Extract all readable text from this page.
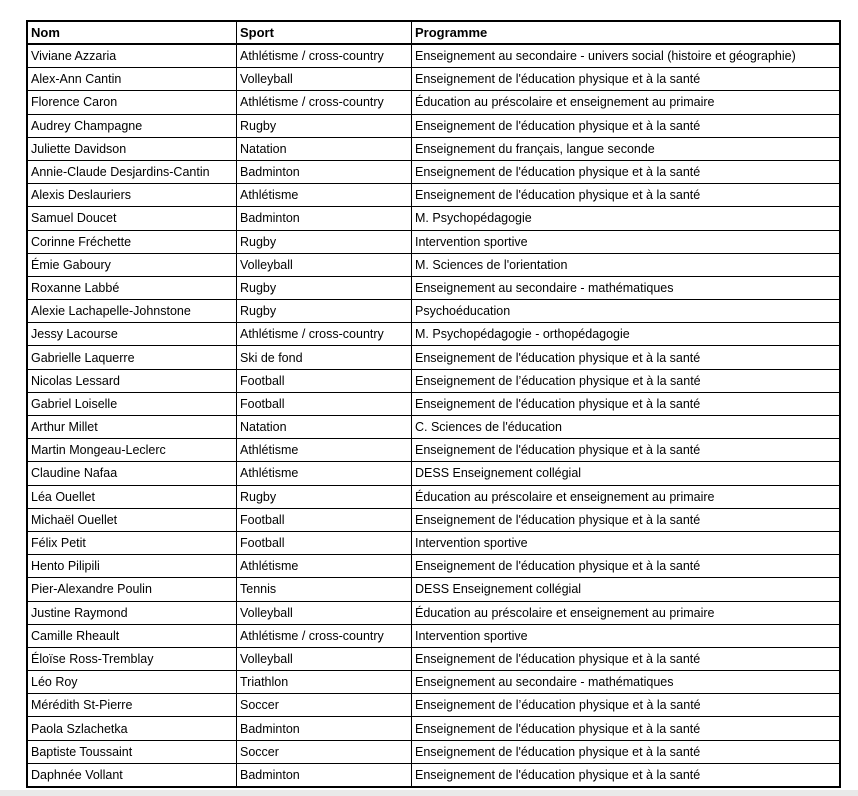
Nom	Sport	Programme
Viviane Azzaria	Athlétisme / cross-country	Enseignement au secondaire - univers social (histoire et géographie)
Alex-Ann Cantin	Volleyball	Enseignement de l'éducation physique et à la santé
Florence Caron	Athlétisme / cross-country	Éducation au préscolaire et enseignement au primaire
Audrey Champagne	Rugby	Enseignement de l'éducation physique et à la santé
Juliette Davidson	Natation	Enseignement du français, langue seconde
Annie-Claude Desjardins-Cantin	Badminton	Enseignement de l'éducation physique et à la santé
Alexis Deslauriers	Athlétisme	Enseignement de l'éducation physique et à la santé
Samuel Doucet	Badminton	M. Psychopédagogie
Corinne Fréchette	Rugby	Intervention sportive
Émie Gaboury	Volleyball	M. Sciences de l'orientation
Roxanne Labbé	Rugby	Enseignement au secondaire - mathématiques
Alexie Lachapelle-Johnstone	Rugby	Psychoéducation
Jessy Lacourse	Athlétisme / cross-country	M. Psychopédagogie - orthopédagogie
Gabrielle Laquerre	Ski de fond	Enseignement de l'éducation physique et à la santé
Nicolas Lessard	Football	Enseignement de l’éducation physique et à la santé
Gabriel Loiselle	Football	Enseignement de l'éducation physique et à la santé
Arthur Millet	Natation	C. Sciences de l'éducation
Martin Mongeau-Leclerc	Athlétisme	Enseignement de l'éducation physique et à la santé
Claudine Nafaa	Athlétisme	DESS Enseignement collégial
Léa Ouellet	Rugby	Éducation au préscolaire et enseignement au primaire
Michaël Ouellet	Football	Enseignement de l'éducation physique et à la santé
Félix Petit	Football	Intervention sportive
Hento Pilipili	Athlétisme	Enseignement de l'éducation physique et à la santé
Pier-Alexandre Poulin	Tennis	DESS Enseignement collégial
Justine Raymond	Volleyball	Éducation au préscolaire et enseignement au primaire
Camille Rheault	Athlétisme / cross-country	Intervention sportive
Éloïse Ross-Tremblay	Volleyball	Enseignement de l'éducation physique et à la santé
Léo Roy	Triathlon	Enseignement au secondaire - mathématiques
Mérédith St-Pierre	Soccer	Enseignement de l’éducation physique et à la santé
Paola Szlachetka	Badminton	Enseignement de l'éducation physique et à la santé
Baptiste Toussaint	Soccer	Enseignement de l'éducation physique et à la santé
Daphnée Vollant	Badminton	Enseignement de l'éducation physique et à la santé
